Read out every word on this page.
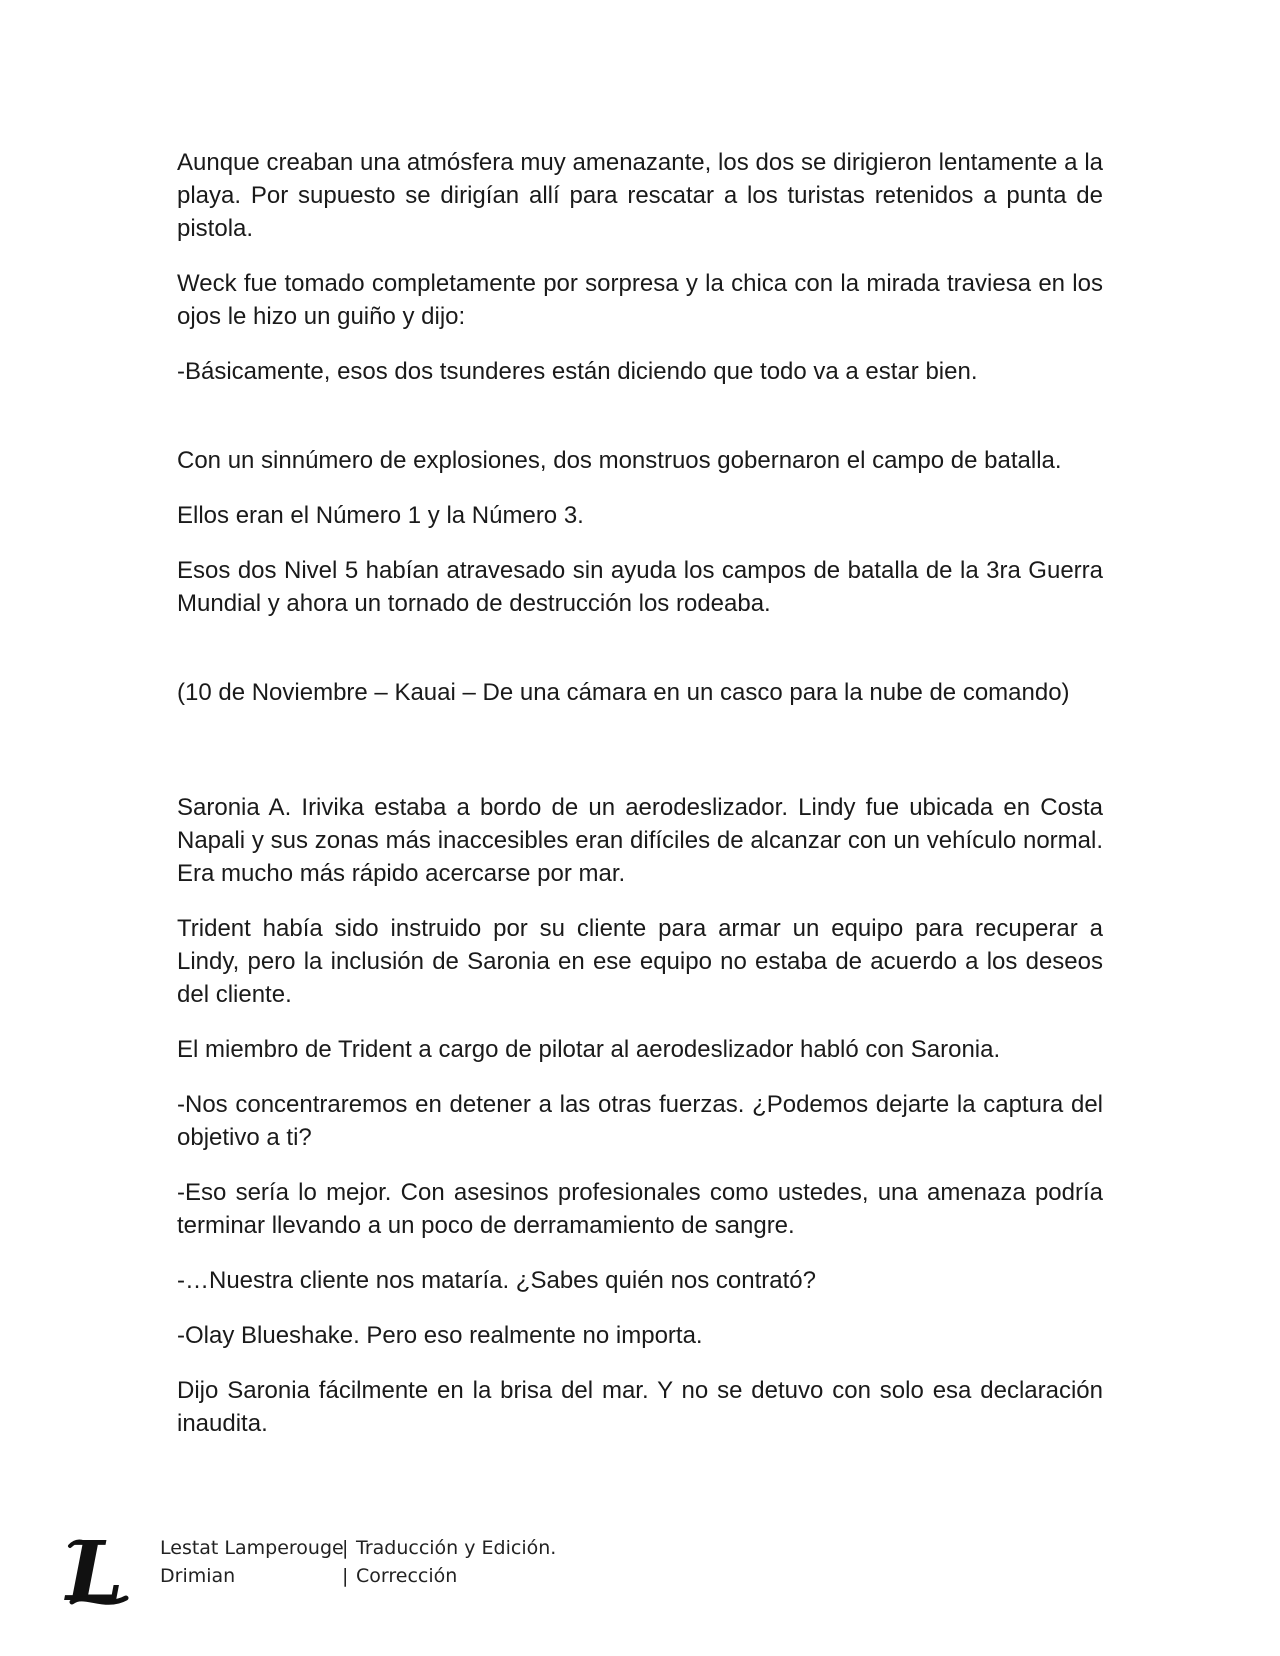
Aunque creaban una atmósfera muy amenazante, los dos se dirigieron lentamente a la playa. Por supuesto se dirigían allí para rescatar a los turistas retenidos a punta de pistola.

Weck fue tomado completamente por sorpresa y la chica con la mirada traviesa en los ojos le hizo un guiño y dijo:

-Básicamente, esos dos tsunderes están diciendo que todo va a estar bien.

Con un sinnúmero de explosiones, dos monstruos gobernaron el campo de batalla.

Ellos eran el Número 1 y la Número 3.

Esos dos Nivel 5 habían atravesado sin ayuda los campos de batalla de la 3ra Guerra Mundial y ahora un tornado de destrucción los rodeaba.

(10 de Noviembre – Kauai – De una cámara en un casco para la nube de comando)

Saronia A. Irivika estaba a bordo de un aerodeslizador. Lindy fue ubicada en Costa Napali y sus zonas más inaccesibles eran difíciles de alcanzar con un vehículo normal. Era mucho más rápido acercarse por mar.

Trident había sido instruido por su cliente para armar un equipo para recuperar a Lindy, pero la inclusión de Saronia en ese equipo no estaba de acuerdo a los deseos del cliente.

El miembro de Trident a cargo de pilotar al aerodeslizador habló con Saronia.

-Nos concentraremos en detener a las otras fuerzas. ¿Podemos dejarte la captura del objetivo a ti?

-Eso sería lo mejor. Con asesinos profesionales como ustedes, una amenaza podría terminar llevando a un poco de derramamiento de sangre.

-…Nuestra cliente nos mataría. ¿Sabes quién nos contrató?

-Olay Blueshake. Pero eso realmente no importa.

Dijo Saronia fácilmente en la brisa del mar. Y no se detuvo con solo esa declaración inaudita.

L Lestat Lamperouge
| Traducción y Edición.
Drimian	| Corrección
